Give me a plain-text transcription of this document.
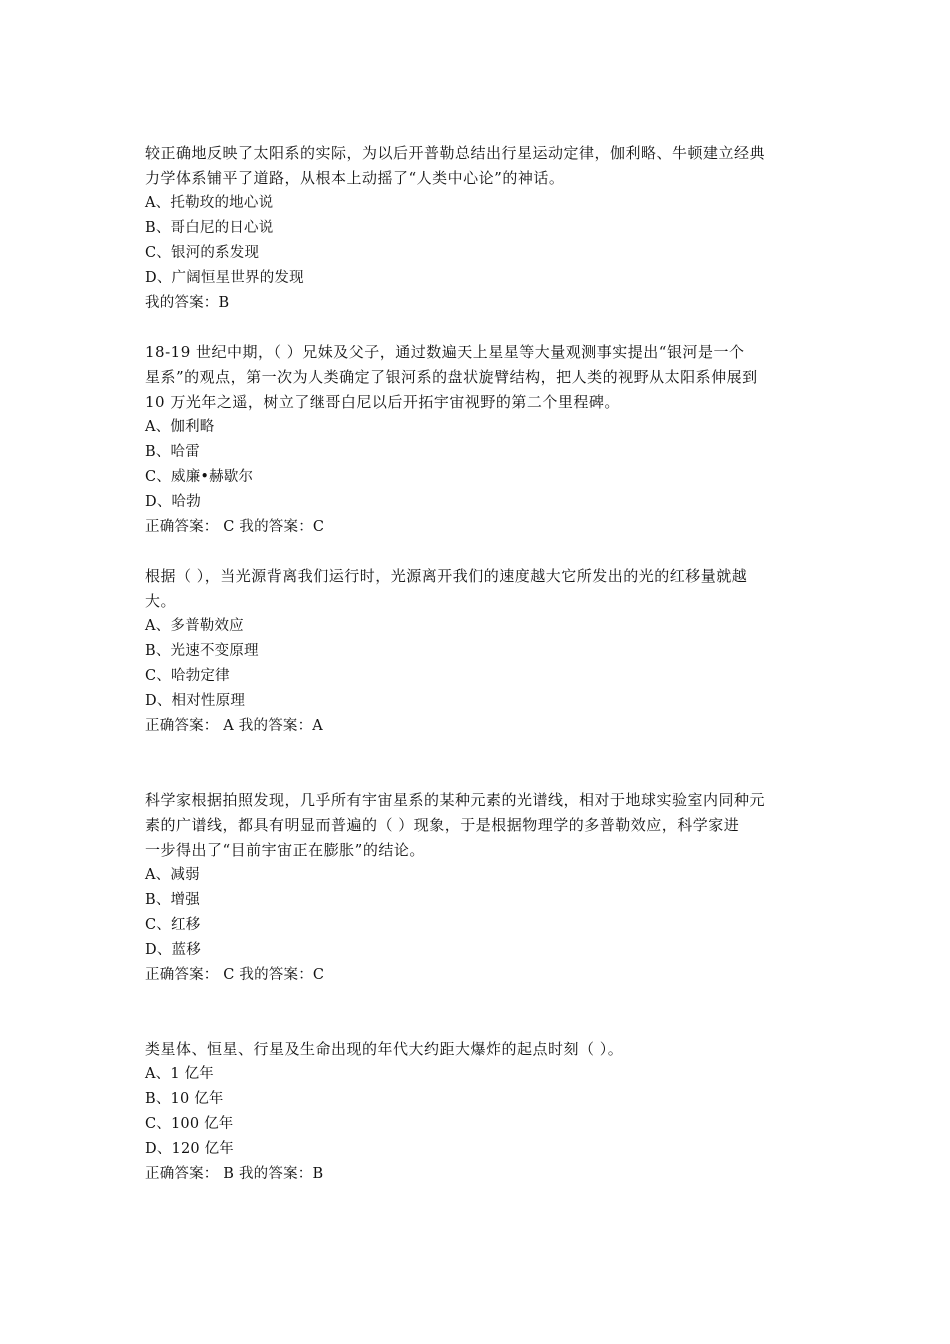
较正确地反映了太阳系的实际，为以后开普勒总结出行星运动定律，伽利略、牛顿建立经典
力学体系铺平了道路，从根本上动摇了“人类中心论”的神话。
A、托勒玫的地心说
B、哥白尼的日心说
C、银河的系发现
D、广阔恒星世界的发现
我的答案：B
18-19 世纪中期，（ ）兄妹及父子，通过数遍天上星星等大量观测事实提出“银河是一个
星系”的观点，第一次为人类确定了银河系的盘状旋臂结构，把人类的视野从太阳系伸展到
10 万光年之遥，树立了继哥白尼以后开拓宇宙视野的第二个里程碑。
A、伽利略
B、哈雷
C、威廉•赫歇尔
D、哈勃
正确答案： C 我的答案：C
根据（ ），当光源背离我们运行时，光源离开我们的速度越大它所发出的光的红移量就越
大。
A、多普勒效应
B、光速不变原理
C、哈勃定律
D、相对性原理
正确答案： A 我的答案：A
科学家根据拍照发现，几乎所有宇宙星系的某种元素的光谱线，相对于地球实验室内同种元
素的广谱线，都具有明显而普遍的（ ）现象，于是根据物理学的多普勒效应，科学家进
一步得出了“目前宇宙正在膨胀”的结论。
A、减弱
B、增强
C、红移
D、蓝移
正确答案： C 我的答案：C
类星体、恒星、行星及生命出现的年代大约距大爆炸的起点时刻（ ）。
A、1 亿年
B、10 亿年
C、100 亿年
D、120 亿年
正确答案： B 我的答案：B
